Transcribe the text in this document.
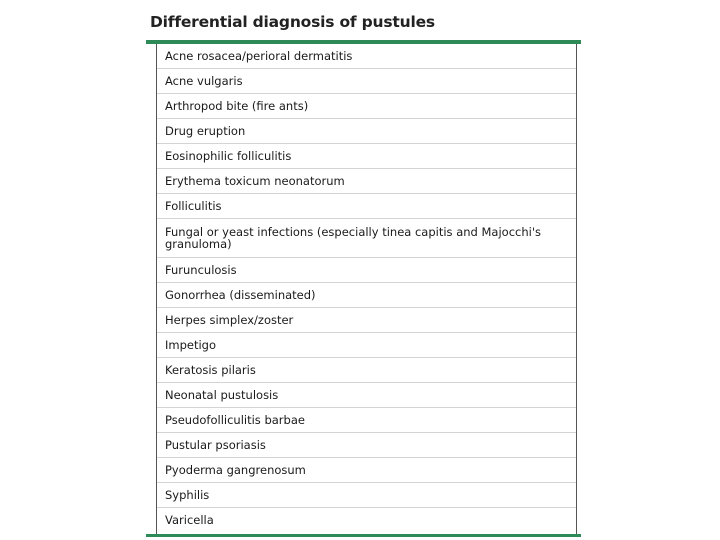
Differential diagnosis of pustules
Acne rosacea/perioral dermatitis
Acne vulgaris
Arthropod bite (fire ants)
Drug eruption
Eosinophilic folliculitis
Erythema toxicum neonatorum
Folliculitis
Fungal or yeast infections (especially tinea capitis and Majocchi's granuloma)
Furunculosis
Gonorrhea (disseminated)
Herpes simplex/zoster
Impetigo
Keratosis pilaris
Neonatal pustulosis
Pseudofolliculitis barbae
Pustular psoriasis
Pyoderma gangrenosum
Syphilis
Varicella
